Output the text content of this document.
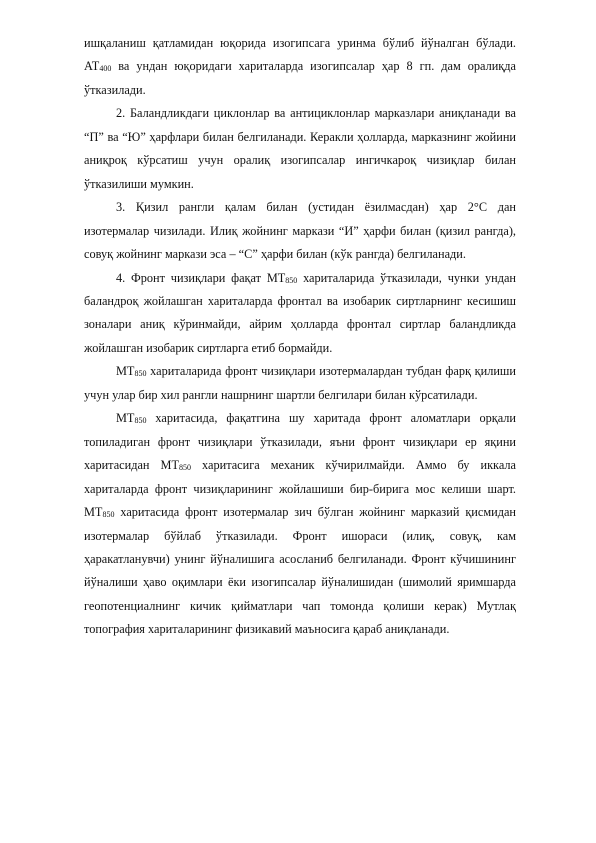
ишқаланиш қатламидан юқорида изогипсага уринма бўлиб йўналган бўлади. АТ400 ва ундан юқоридаги хариталарда изогипсалар ҳар 8 гп. дам оралиқда ўтказилади.

2. Баландликдаги циклонлар ва антициклонлар марказлари аниқланади ва “П” ва “Ю” ҳарфлари билан белгиланади. Керакли ҳолларда, марказнинг жойини аниқроқ кўрсатиш учун оралиқ изогипсалар ингичкароқ чизиқлар билан ўтказилиши мумкин.

3. Қизил рангли қалам билан (устидан ёзилмасдан) ҳар 2°С дан изотермалар чизилади. Илиқ жойнинг маркази “И” ҳарфи билан (қизил рангда), совуқ жойнинг маркази эса – “С” ҳарфи билан (кўк рангда) белгиланади.

4. Фронт чизиқлари фақат МТ850 хариталарида ўтказилади, чунки ундан баландроқ жойлашган хариталарда фронтал ва изобарик сиртларнинг кесишиш зоналари аниқ кўринмайди, айрим ҳолларда фронтал сиртлар баландликда жойлашган изобарик сиртларга етиб бормайди.

МТ850 хариталарида фронт чизиқлари изотермалардан тубдан фарқ қилиши учун улар бир хил рангли нашрнинг шартли белгилари билан кўрсатилади.

МТ850 харитасида, фақатгина шу харитада фронт аломатлари орқали топиладиган фронт чизиқлари ўтказилади, яъни фронт чизиқлари ер яқини харитасидан МТ850 харитасига механик кўчирилмайди. Аммо бу иккала хариталарда фронт чизиқларининг жойлашиши бир-бирига мос келиши шарт. МТ850 харитасида фронт изотермалар зич бўлган жойнинг марказий қисмидан изотермалар бўйлаб ўтказилади. Фронт ишораси (илиқ, совуқ, кам ҳаракатланувчи) унинг йўналишига асосланиб белгиланади. Фронт кўчишининг йўналиши ҳаво оқимлари ёки изогипсалар йўналишидан (шимолий яримшарда геопотенциалнинг кичик қийматлари чап томонда қолиши керак) Мутлақ топография хариталарининг физикавий маъносига қараб аниқланади.
